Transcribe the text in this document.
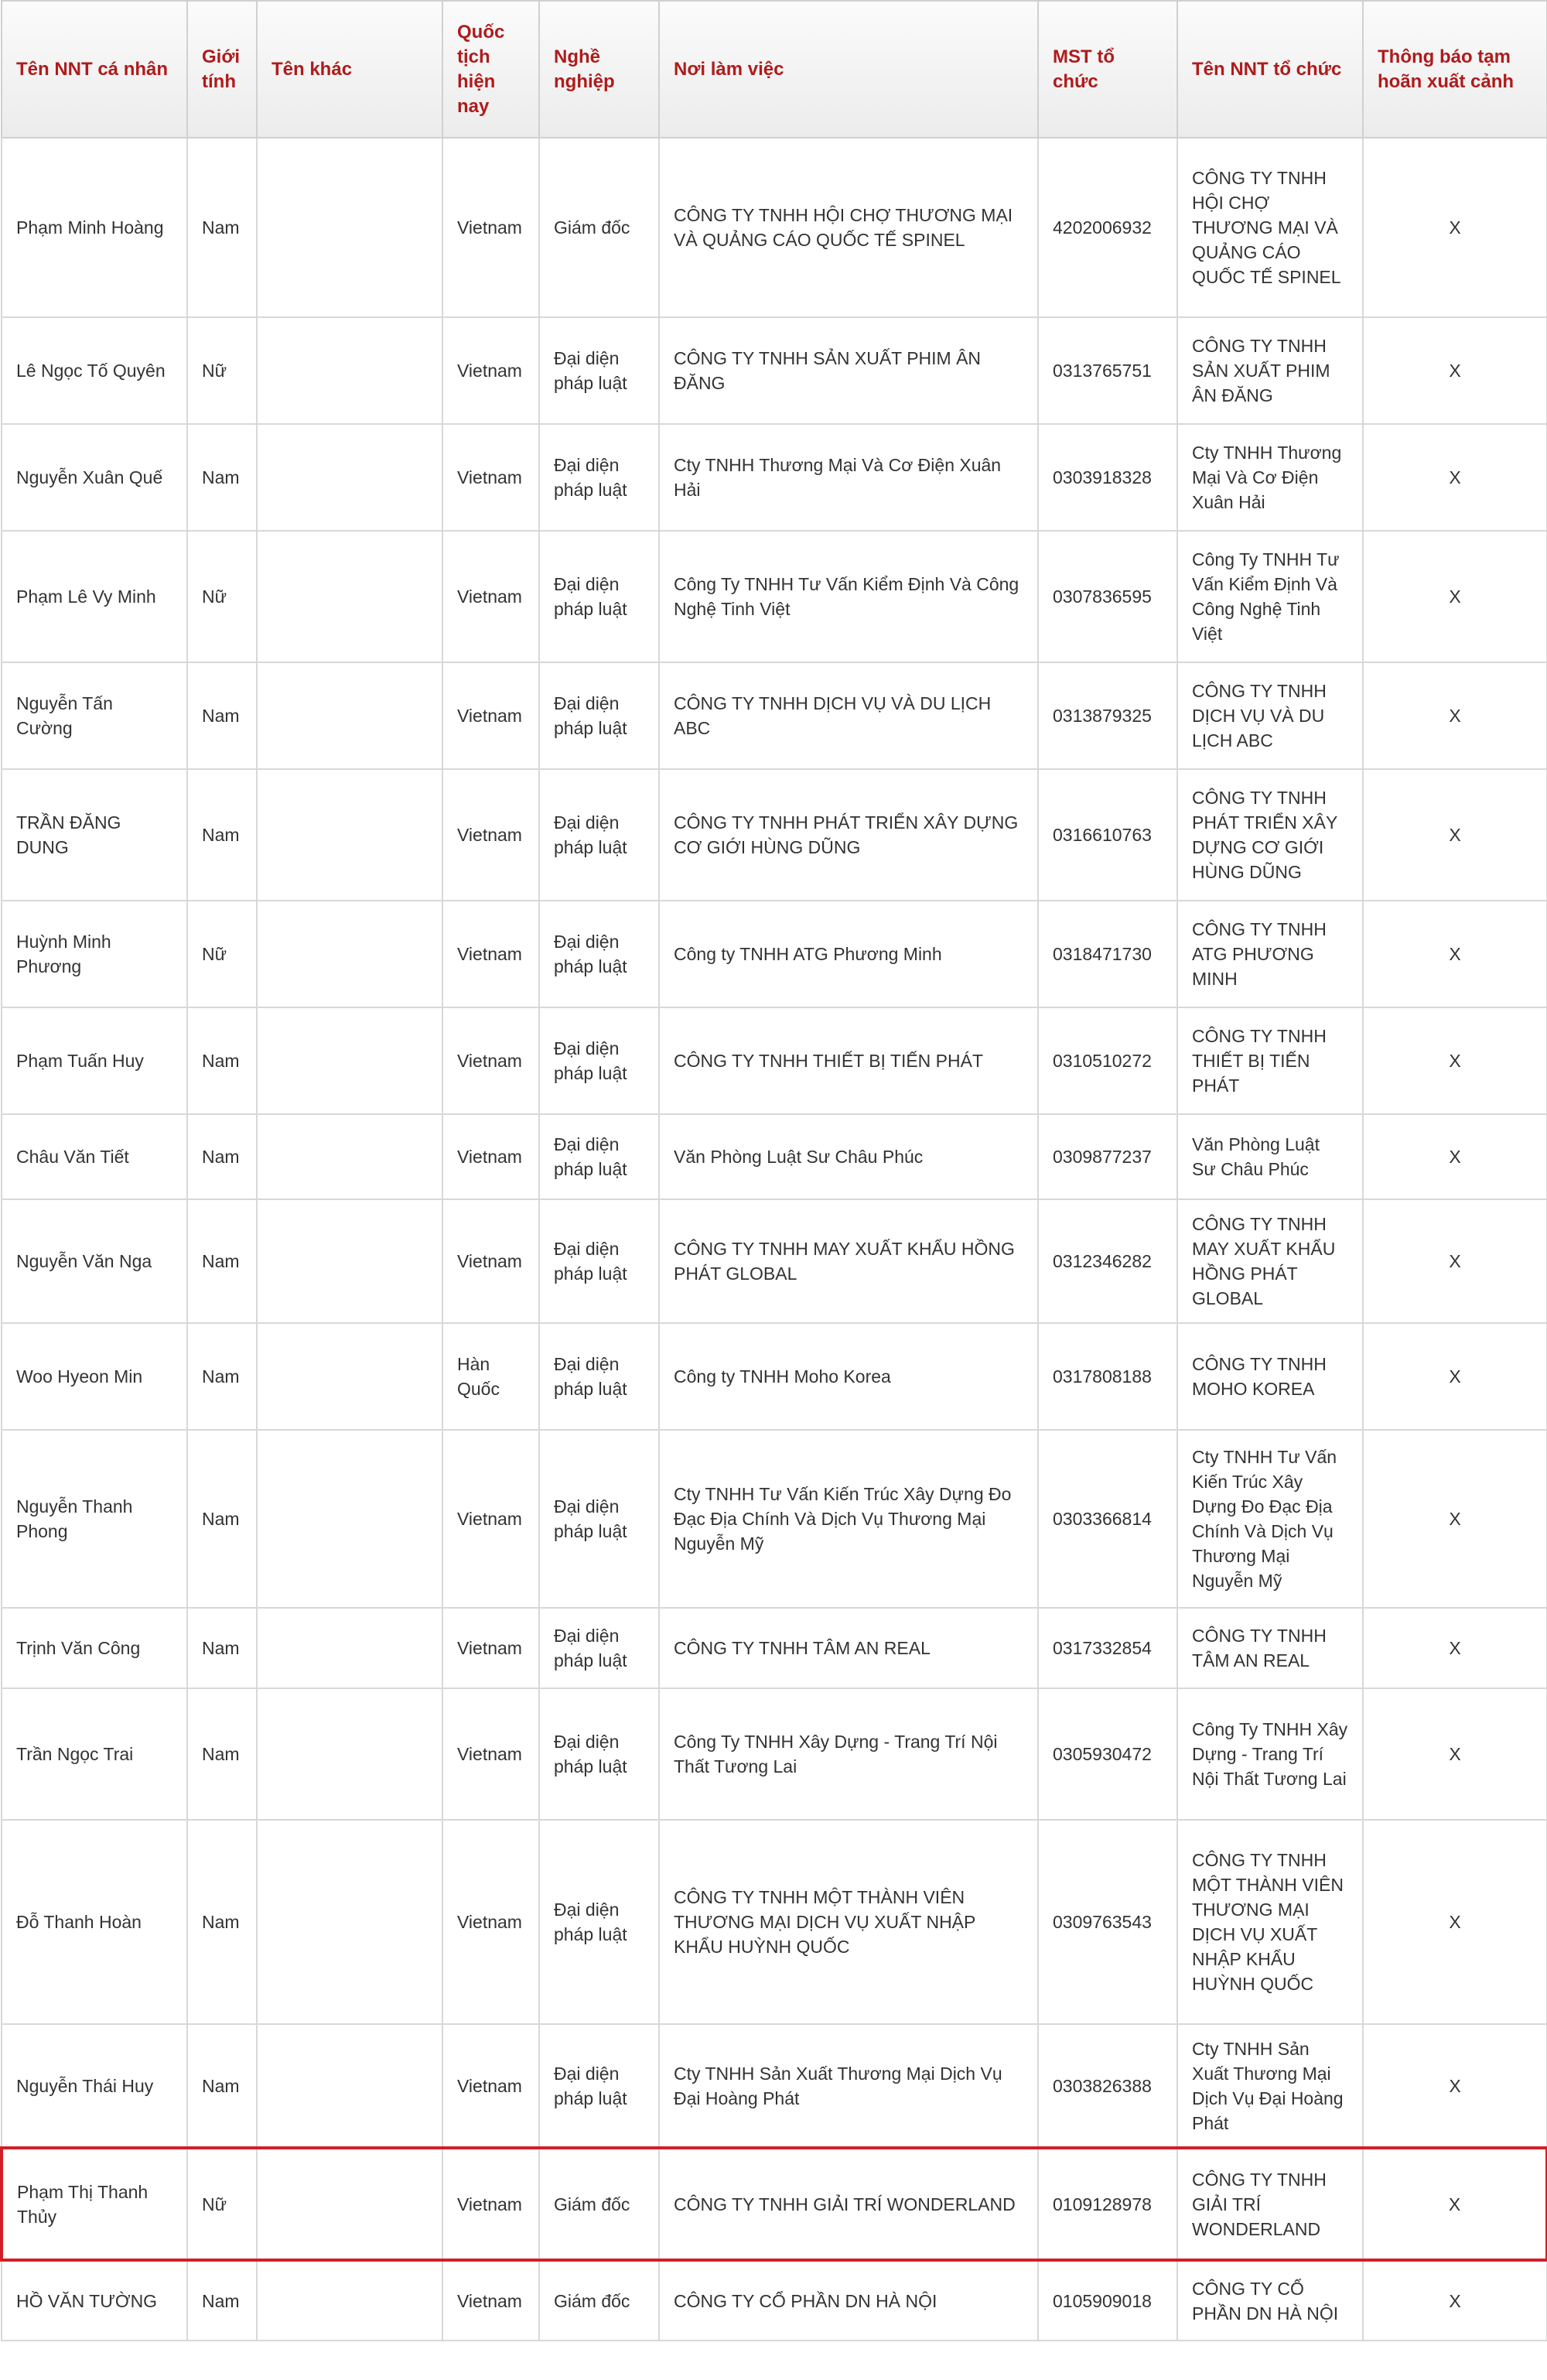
Tên NNT cá nhân	Giới tính	Tên khác	Quốc tịch hiện nay	Nghề nghiệp	Nơi làm việc	MST tổ chức	Tên NNT tổ chức	Thông báo tạm hoãn xuất cảnh
Phạm Minh Hoàng	Nam		Vietnam	Giám đốc	CÔNG TY TNHH HỘI CHỢ THƯƠNG MẠI VÀ QUẢNG CÁO QUỐC TẾ SPINEL	4202006932	CÔNG TY TNHH HỘI CHỢ THƯƠNG MẠI VÀ QUẢNG CÁO QUỐC TẾ SPINEL	X
Lê Ngọc Tố Quyên	Nữ		Vietnam	Đại diện pháp luật	CÔNG TY TNHH SẢN XUẤT PHIM ÂN ĐĂNG	0313765751	CÔNG TY TNHH SẢN XUẤT PHIM ÂN ĐĂNG	X
Nguyễn Xuân Quế	Nam		Vietnam	Đại diện pháp luật	Cty TNHH Thương Mại Và Cơ Điện Xuân Hải	0303918328	Cty TNHH Thương Mại Và Cơ Điện Xuân Hải	X
Phạm Lê Vy Minh	Nữ		Vietnam	Đại diện pháp luật	Công Ty TNHH Tư Vấn Kiểm Định Và Công Nghệ Tinh Việt	0307836595	Công Ty TNHH Tư Vấn Kiểm Định Và Công Nghệ Tinh Việt	X
Nguyễn Tấn Cường	Nam		Vietnam	Đại diện pháp luật	CÔNG TY TNHH DỊCH VỤ VÀ DU LỊCH ABC	0313879325	CÔNG TY TNHH DỊCH VỤ VÀ DU LỊCH ABC	X
TRẦN ĐĂNG DUNG	Nam		Vietnam	Đại diện pháp luật	CÔNG TY TNHH PHÁT TRIỂN XÂY DỰNG CƠ GIỚI HÙNG DŨNG	0316610763	CÔNG TY TNHH PHÁT TRIỂN XÂY DỰNG CƠ GIỚI HÙNG DŨNG	X
Huỳnh Minh Phương	Nữ		Vietnam	Đại diện pháp luật	Công ty TNHH ATG Phương Minh	0318471730	CÔNG TY TNHH ATG PHƯƠNG MINH	X
Phạm Tuấn Huy	Nam		Vietnam	Đại diện pháp luật	CÔNG TY TNHH THIẾT BỊ TIẾN PHÁT	0310510272	CÔNG TY TNHH THIẾT BỊ TIẾN PHÁT	X
Châu Văn Tiết	Nam		Vietnam	Đại diện pháp luật	Văn Phòng Luật Sư Châu Phúc	0309877237	Văn Phòng Luật Sư Châu Phúc	X
Nguyễn Văn Nga	Nam		Vietnam	Đại diện pháp luật	CÔNG TY TNHH MAY XUẤT KHẨU HỒNG PHÁT GLOBAL	0312346282	CÔNG TY TNHH MAY XUẤT KHẨU HỒNG PHÁT GLOBAL	X
Woo Hyeon Min	Nam		Hàn Quốc	Đại diện pháp luật	Công ty TNHH Moho Korea	0317808188	CÔNG TY TNHH MOHO KOREA	X
Nguyễn Thanh Phong	Nam		Vietnam	Đại diện pháp luật	Cty TNHH Tư Vấn Kiến Trúc Xây Dựng Đo Đạc Địa Chính Và Dịch Vụ Thương Mại Nguyễn Mỹ	0303366814	Cty TNHH Tư Vấn Kiến Trúc Xây Dựng Đo Đạc Địa Chính Và Dịch Vụ Thương Mại Nguyễn Mỹ	X
Trịnh Văn Công	Nam		Vietnam	Đại diện pháp luật	CÔNG TY TNHH TÂM AN REAL	0317332854	CÔNG TY TNHH TÂM AN REAL	X
Trần Ngọc Trai	Nam		Vietnam	Đại diện pháp luật	Công Ty TNHH Xây Dựng - Trang Trí Nội Thất Tương Lai	0305930472	Công Ty TNHH Xây Dựng - Trang Trí Nội Thất Tương Lai	X
Đỗ Thanh Hoàn	Nam		Vietnam	Đại diện pháp luật	CÔNG TY TNHH MỘT THÀNH VIÊN THƯƠNG MẠI DỊCH VỤ XUẤT NHẬP KHẨU HUỲNH QUỐC	0309763543	CÔNG TY TNHH MỘT THÀNH VIÊN THƯƠNG MẠI DỊCH VỤ XUẤT NHẬP KHẨU HUỲNH QUỐC	X
Nguyễn Thái Huy	Nam		Vietnam	Đại diện pháp luật	Cty TNHH Sản Xuất Thương Mại Dịch Vụ Đại Hoàng Phát	0303826388	Cty TNHH Sản Xuất Thương Mại Dịch Vụ Đại Hoàng Phát	X
Phạm Thị Thanh Thủy	Nữ		Vietnam	Giám đốc	CÔNG TY TNHH GIẢI TRÍ WONDERLAND	0109128978	CÔNG TY TNHH GIẢI TRÍ WONDERLAND	X
HỒ VĂN TƯỜNG	Nam		Vietnam	Giám đốc	CÔNG TY CỔ PHẦN DN HÀ NỘI	0105909018	CÔNG TY CỔ PHẦN DN HÀ NỘI	X
